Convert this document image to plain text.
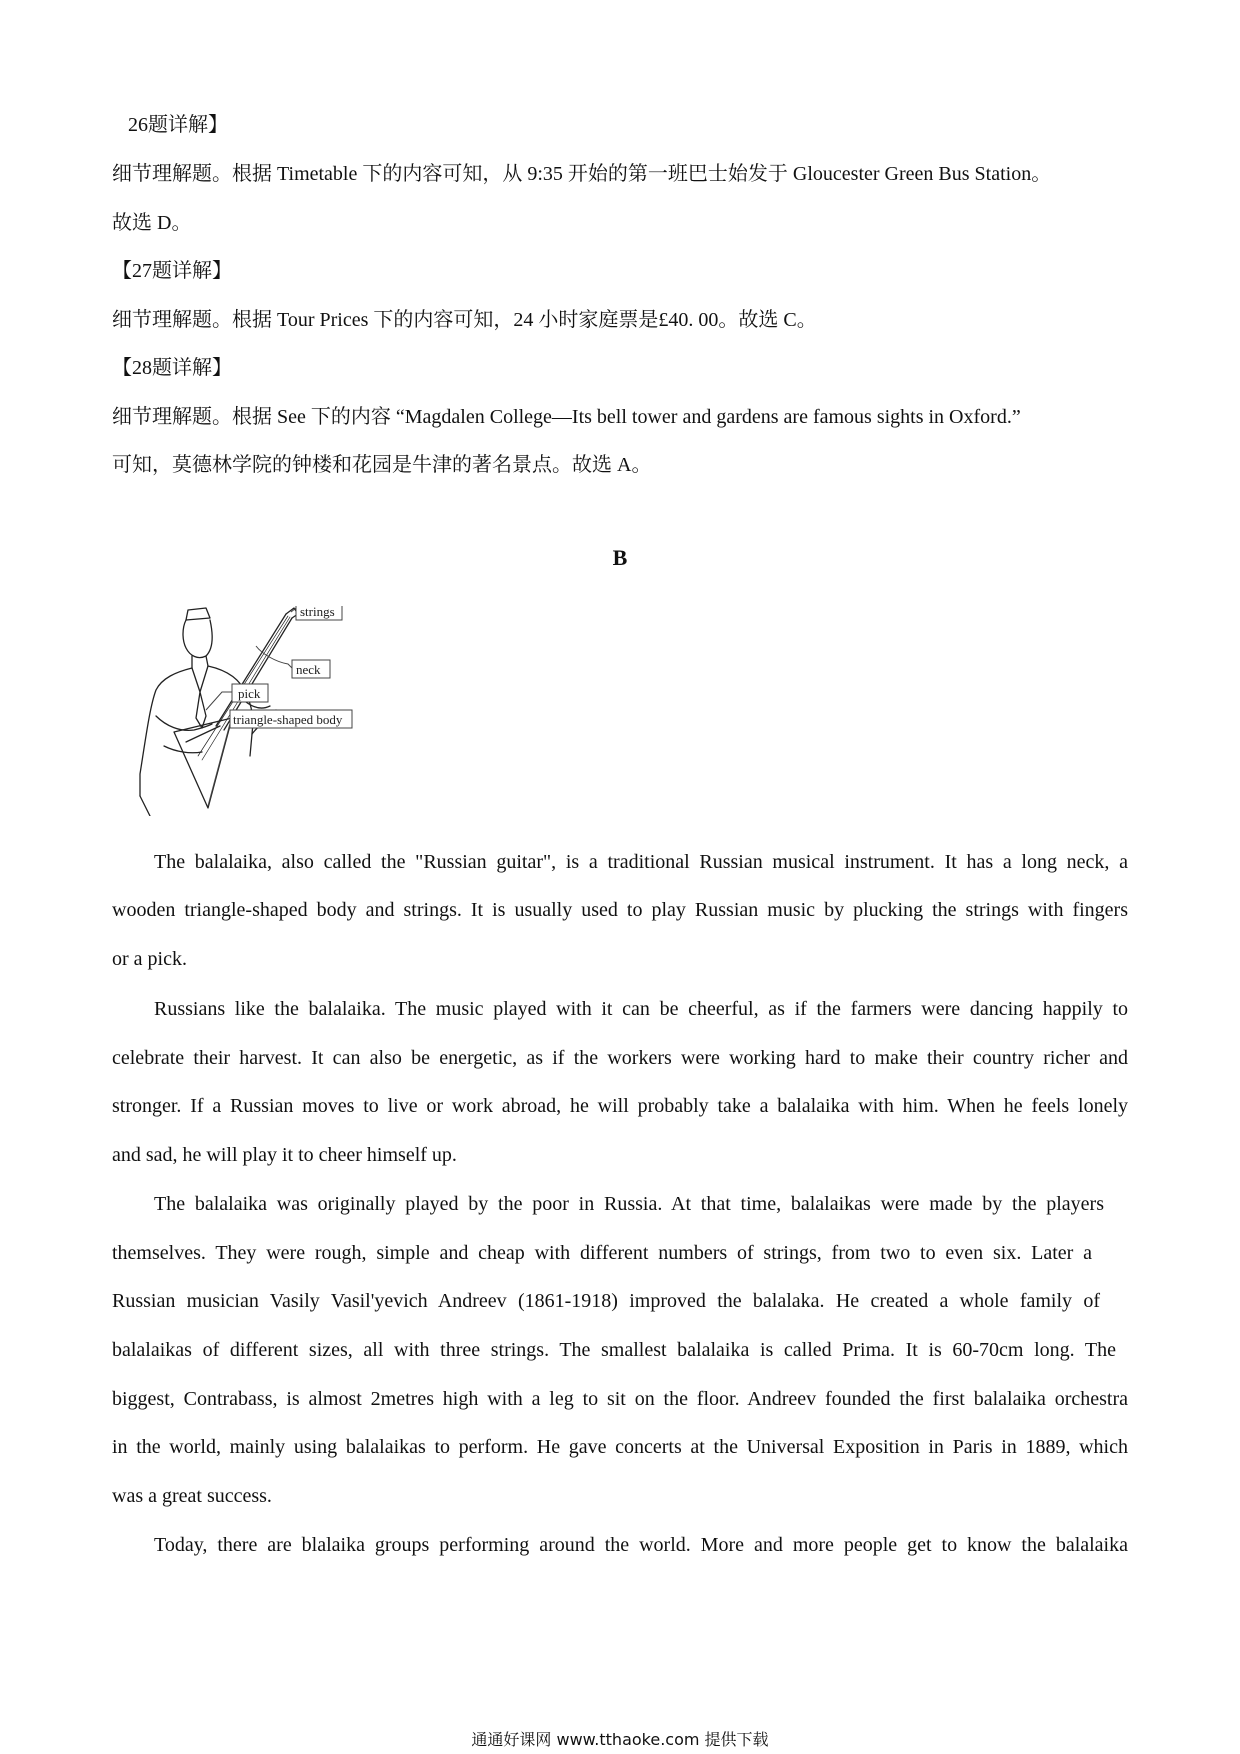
26题详解】
细节理解题。根据 Timetable 下的内容可知，从 9:35 开始的第一班巴士始发于 Gloucester Green Bus Station。
故选 D。
【27题详解】
细节理解题。根据 Tour Prices 下的内容可知，24 小时家庭票是£40. 00。故选 C。
【28题详解】
细节理解题。根据 See 下的内容 “Magdalen College—Its bell tower and gardens are famous sights in Oxford.”
可知，莫德林学院的钟楼和花园是牛津的著名景点。故选 A。
B
strings
neck
pick
triangle-shaped body
The balalaika, also called the "Russian guitar", is a traditional Russian musical instrument. It has a long neck, a
wooden triangle-shaped body and strings. It is usually used to play Russian music by plucking the strings with fingers
or a pick.
Russians like the balalaika. The music played with it can be cheerful, as if the farmers were dancing happily to
celebrate their harvest. It can also be energetic, as if the workers were working hard to make their country richer and
stronger. If a Russian moves to live or work abroad, he will probably take a balalaika with him. When he feels lonely
and sad, he will play it to cheer himself up.
The balalaika was originally played by the poor in Russia. At that time, balalaikas were made by the players
themselves. They were rough, simple and cheap with different numbers of strings, from two to even six. Later a
Russian musician Vasily Vasil'yevich Andreev (1861-1918) improved the balalaka. He created a whole family of
balalaikas of different sizes, all with three strings. The smallest balalaika is called Prima. It is 60-70cm long. The
biggest, Contrabass, is almost 2metres high with a leg to sit on the floor. Andreev founded the first balalaika orchestra
in the world, mainly using balalaikas to perform. He gave concerts at the Universal Exposition in Paris in 1889, which
was a great success.
Today, there are blalaika groups performing around the world. More and more people get to know the balalaika
通通好课网 www.tthaoke.com 提供下载
